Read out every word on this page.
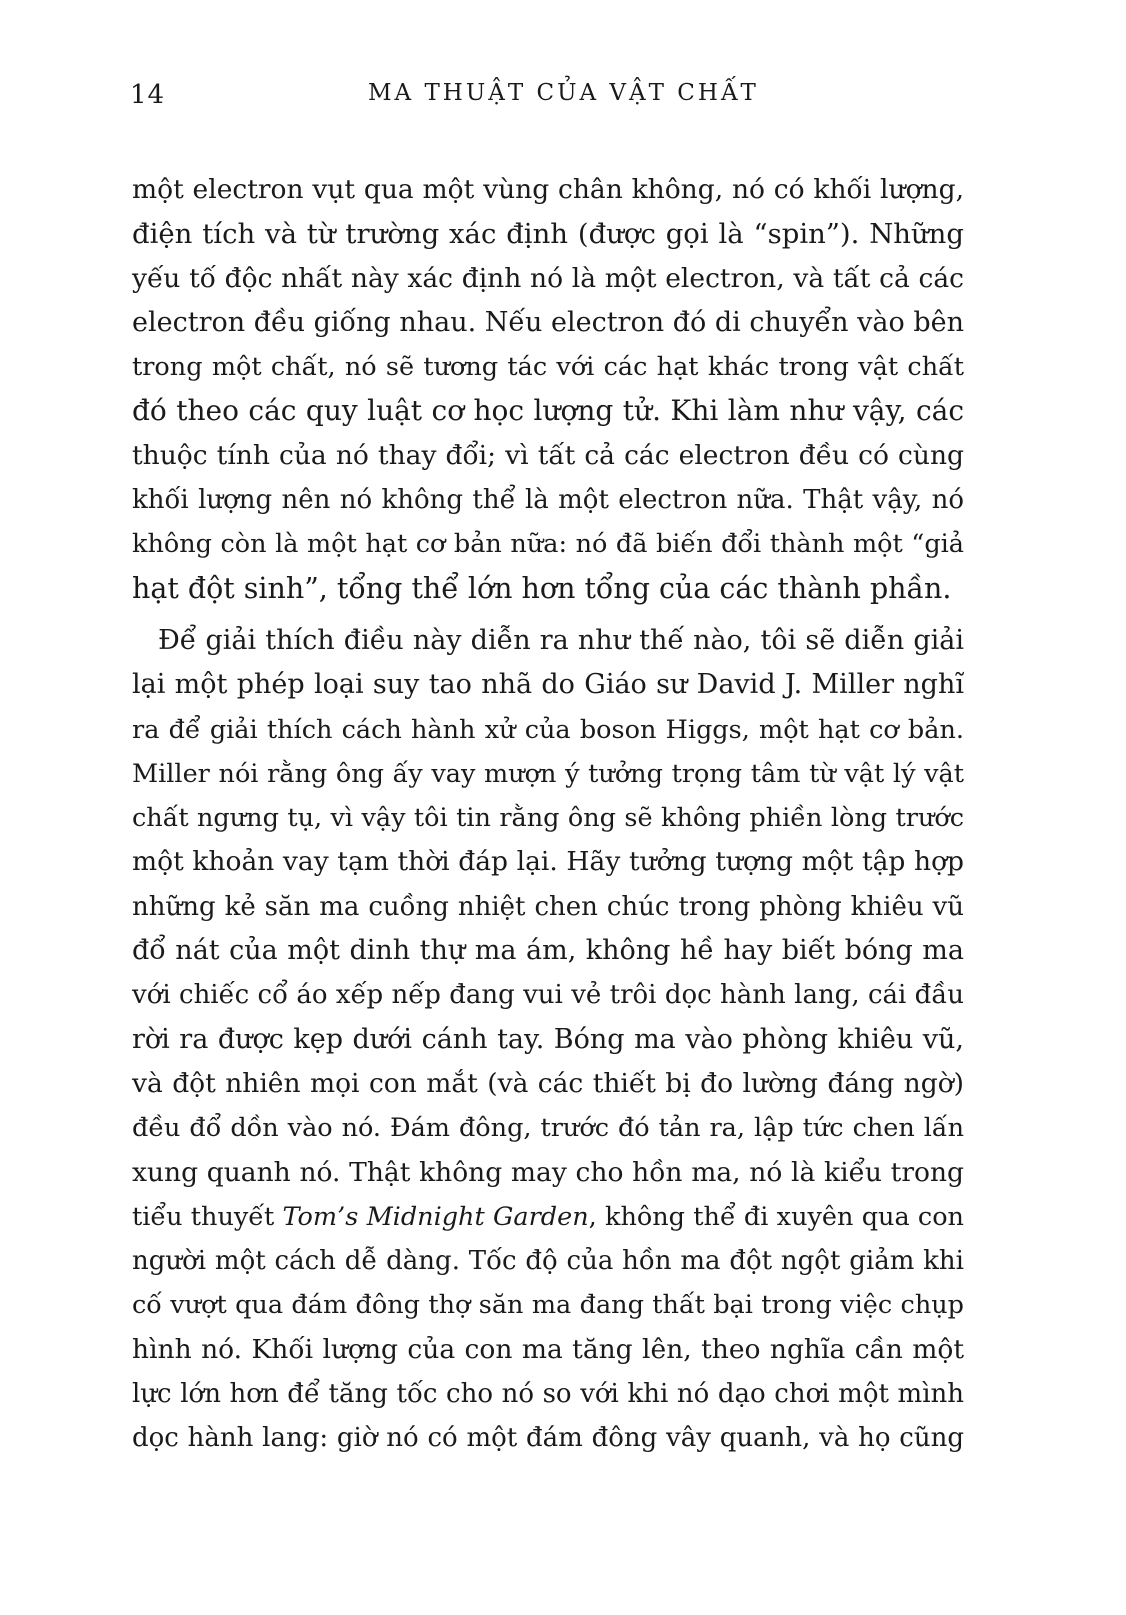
14	MA THUẬT CỦA VẬT CHẤT
một electron vụt qua một vùng chân không, nó có khối lượng,
điện tích và từ trường xác định (được gọi là “spin”). Những
yếu tố độc nhất này xác định nó là một electron, và tất cả các
electron đều giống nhau. Nếu electron đó di chuyển vào bên
trong một chất, nó sẽ tương tác với các hạt khác trong vật chất
đó theo các quy luật cơ học lượng tử. Khi làm như vậy, các
thuộc tính của nó thay đổi; vì tất cả các electron đều có cùng
khối lượng nên nó không thể là một electron nữa. Thật vậy, nó
không còn là một hạt cơ bản nữa: nó đã biến đổi thành một “giả
hạt đột sinh”, tổng thể lớn hơn tổng của các thành phần.
Để giải thích điều này diễn ra như thế nào, tôi sẽ diễn giải
lại một phép loại suy tao nhã do Giáo sư David J. Miller nghĩ
ra để giải thích cách hành xử của boson Higgs, một hạt cơ bản.
Miller nói rằng ông ấy vay mượn ý tưởng trọng tâm từ vật lý vật
chất ngưng tụ, vì vậy tôi tin rằng ông sẽ không phiền lòng trước
một khoản vay tạm thời đáp lại. Hãy tưởng tượng một tập hợp
những kẻ săn ma cuồng nhiệt chen chúc trong phòng khiêu vũ
đổ nát của một dinh thự ma ám, không hề hay biết bóng ma
với chiếc cổ áo xếp nếp đang vui vẻ trôi dọc hành lang, cái đầu
rời ra được kẹp dưới cánh tay. Bóng ma vào phòng khiêu vũ,
và đột nhiên mọi con mắt (và các thiết bị đo lường đáng ngờ)
đều đổ dồn vào nó. Đám đông, trước đó tản ra, lập tức chen lấn
xung quanh nó. Thật không may cho hồn ma, nó là kiểu trong
tiểu thuyết Tom’s Midnight Garden, không thể đi xuyên qua con
người một cách dễ dàng. Tốc độ của hồn ma đột ngột giảm khi
cố vượt qua đám đông thợ săn ma đang thất bại trong việc chụp
hình nó. Khối lượng của con ma tăng lên, theo nghĩa cần một
lực lớn hơn để tăng tốc cho nó so với khi nó dạo chơi một mình
dọc hành lang: giờ nó có một đám đông vây quanh, và họ cũng
